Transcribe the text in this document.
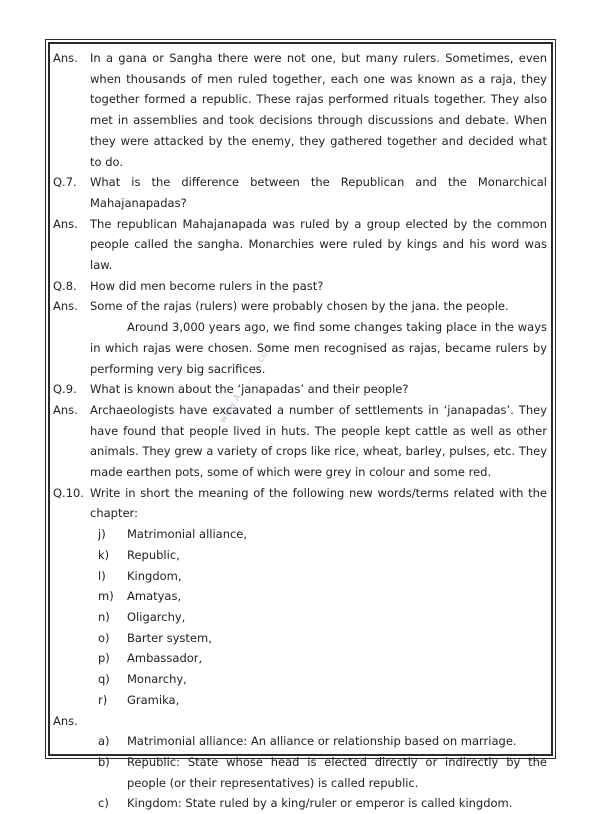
www.A.........s.com
Ans.	In a gana or Sangha there were not one, but many rulers. Sometimes, even when thousands of men ruled together, each one was known as a raja, they together formed a republic. These rajas performed rituals together. They also met in assemblies and took decisions through discussions and debate. When they were attacked by the enemy, they gathered together and decided what to do.

Q.7.	What is the difference between the Republican and the Monarchical Mahajanapadas?

Ans.	The republican Mahajanapada was ruled by a group elected by the common people called the sangha. Monarchies were ruled by kings and his word was law.

Q.8.	How did men become rulers in the past?

Ans.	Some of the rajas (rulers) were probably chosen by the jana. the people.

Around 3,000 years ago, we find some changes taking place in the ways in which rajas were chosen. Some men recognised as rajas, became rulers by performing very big sacrifices.

Q.9.	What is known about the ‘janapadas’ and their people?

Ans.	Archaeologists have excavated a number of settlements in ‘janapadas’. They have found that people lived in huts. The people kept cattle as well as other animals. They grew a variety of crops like rice, wheat, barley, pulses, etc. They made earthen pots, some of which were grey in colour and some red.

Q.10. Write in short the meaning of the following new words/terms related with the chapter:

j)	Matrimonial alliance,
k)	Republic,
l)	Kingdom,
m)	Amatyas,
n)	Oligarchy,
o)	Barter system,
p)	Ambassador,
q)	Monarchy,
r)	Gramika,
Ans.
a)	Matrimonial alliance: An alliance or relationship based on marriage.
b)	Republic: State whose head is elected directly or indirectly by the people (or their representatives) is called republic.
c)	Kingdom: State ruled by a king/ruler or emperor is called kingdom.
